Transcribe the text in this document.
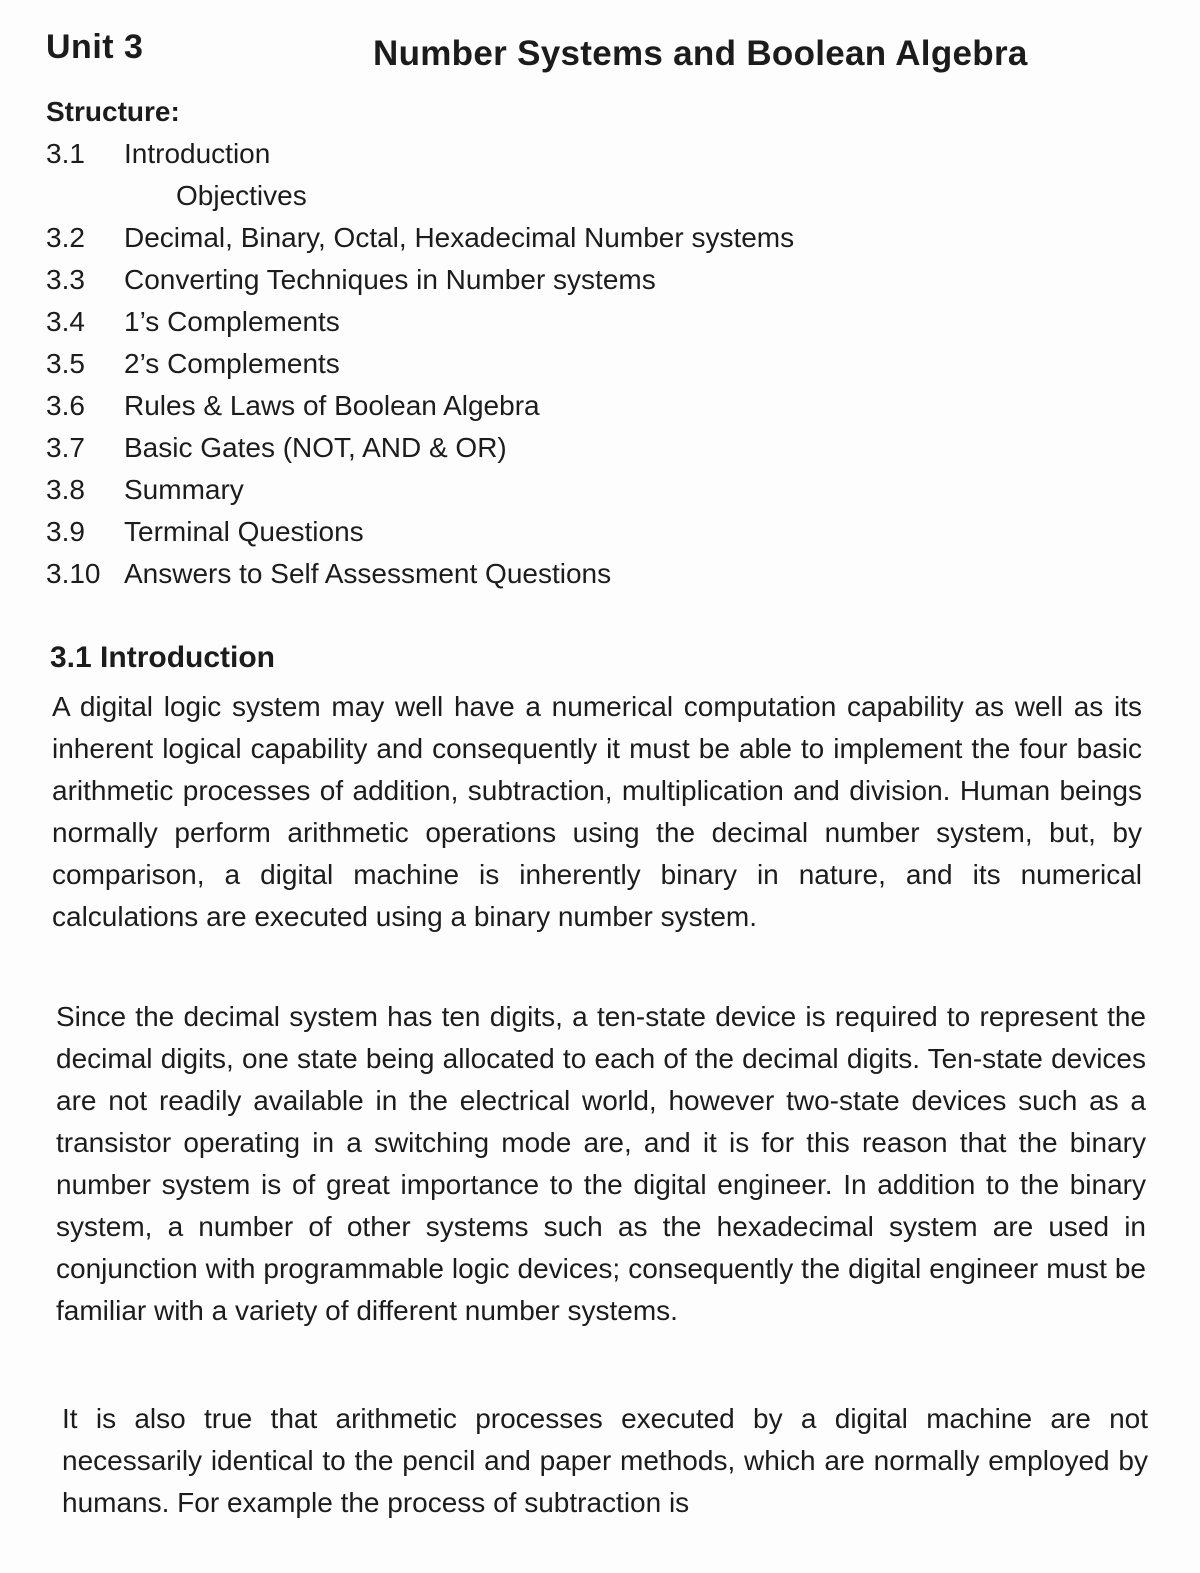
Unit 3	Number Systems and Boolean Algebra
Structure:
3.1 Introduction
Objectives
3.2 Decimal, Binary, Octal, Hexadecimal Number systems
3.3 Converting Techniques in Number systems
3.4 1’s Complements
3.5 2’s Complements
3.6 Rules & Laws of Boolean Algebra
3.7 Basic Gates (NOT, AND & OR)
3.8 Summary
3.9 Terminal Questions
3.10 Answers to Self Assessment Questions
3.1 Introduction

A digital logic system may well have a numerical computation capability as well as its inherent logical capability and consequently it must be able to implement the four basic arithmetic processes of addition, subtraction, multiplication and division. Human beings normally perform arithmetic operations using the decimal number system, but, by comparison, a digital machine is inherently binary in nature, and its numerical calculations are executed using a binary number system.

Since the decimal system has ten digits, a ten-state device is required to represent the decimal digits, one state being allocated to each of the decimal digits. Ten-state devices are not readily available in the electrical world, however two-state devices such as a transistor operating in a switching mode are, and it is for this reason that the binary number system is of great importance to the digital engineer. In addition to the binary system, a number of other systems such as the hexadecimal system are used in conjunction with programmable logic devices; consequently the digital engineer must be familiar with a variety of different number systems.

It is also true that arithmetic processes executed by a digital machine are not necessarily identical to the pencil and paper methods, which are normally employed by humans. For example the process of subtraction is
